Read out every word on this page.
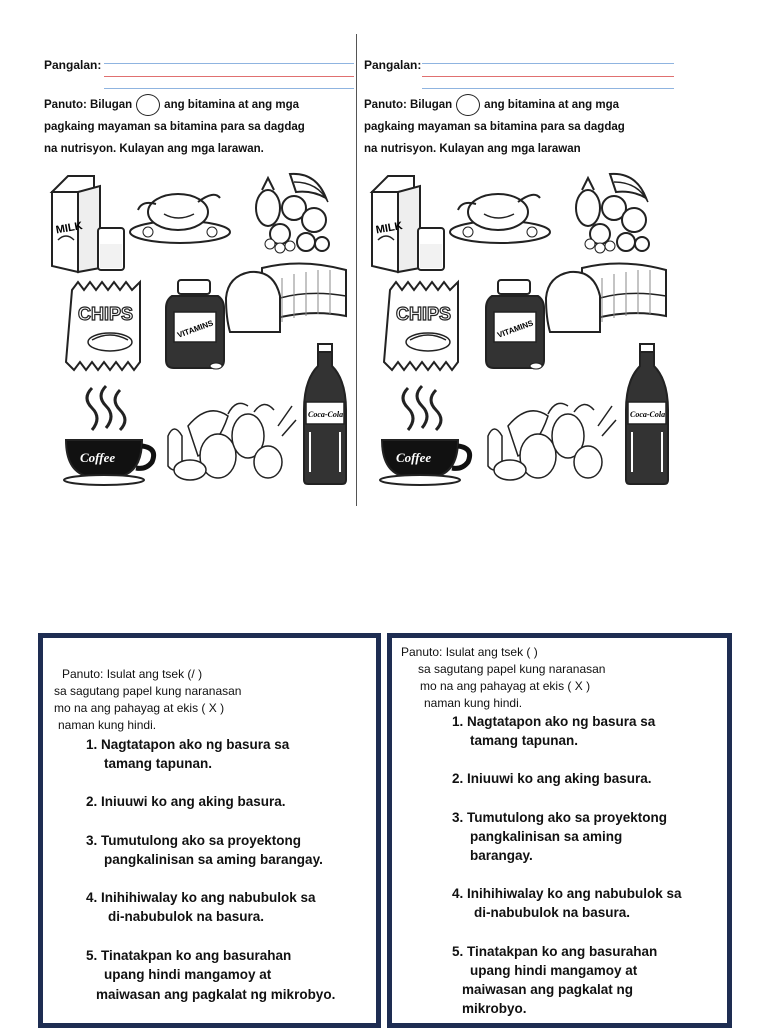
Pangalan:
Panuto: Bilugan	ang bitamina at ang mga
pagkaing mayaman sa bitamina para sa dagdag
na nutrisyon. Kulayan ang mga larawan.
MILK
CHIPS
VITAMINS
Coca-Cola
Coffee
Pangalan:
Panuto: Bilugan	ang bitamina at ang mga
pagkaing mayaman sa bitamina para sa dagdag
na nutrisyon. Kulayan ang mga larawan
MILK
CHIPS
VITAMINS
Coca-Cola
Coffee
Panuto: Isulat ang tsek (/ )
sa sagutang papel kung naranasan
mo na ang pahayag at ekis ( X )
naman kung hindi.
1. Nagtatapon ako ng basura sa
tamang tapunan.
2. Iniuuwi ko ang aking basura.
3. Tumutulong ako sa proyektong
pangkalinisan sa aming barangay.
4. Inihihiwalay ko ang nabubulok sa
di-nabubulok na basura.
5. Tinatakpan ko ang basurahan
upang hindi mangamoy at
maiwasan ang pagkalat ng mikrobyo.
Panuto: Isulat ang tsek ( )
sa sagutang papel kung naranasan
mo na ang pahayag at ekis ( X )
naman kung hindi.
1. Nagtatapon ako ng basura sa
tamang tapunan.
2. Iniuuwi ko ang aking basura.
3. Tumutulong ako sa proyektong
pangkalinisan sa aming
barangay.
4. Inihihiwalay ko ang nabubulok sa
di-nabubulok na basura.
5. Tinatakpan ko ang basurahan
upang hindi mangamoy at
maiwasan ang pagkalat ng
mikrobyo.
